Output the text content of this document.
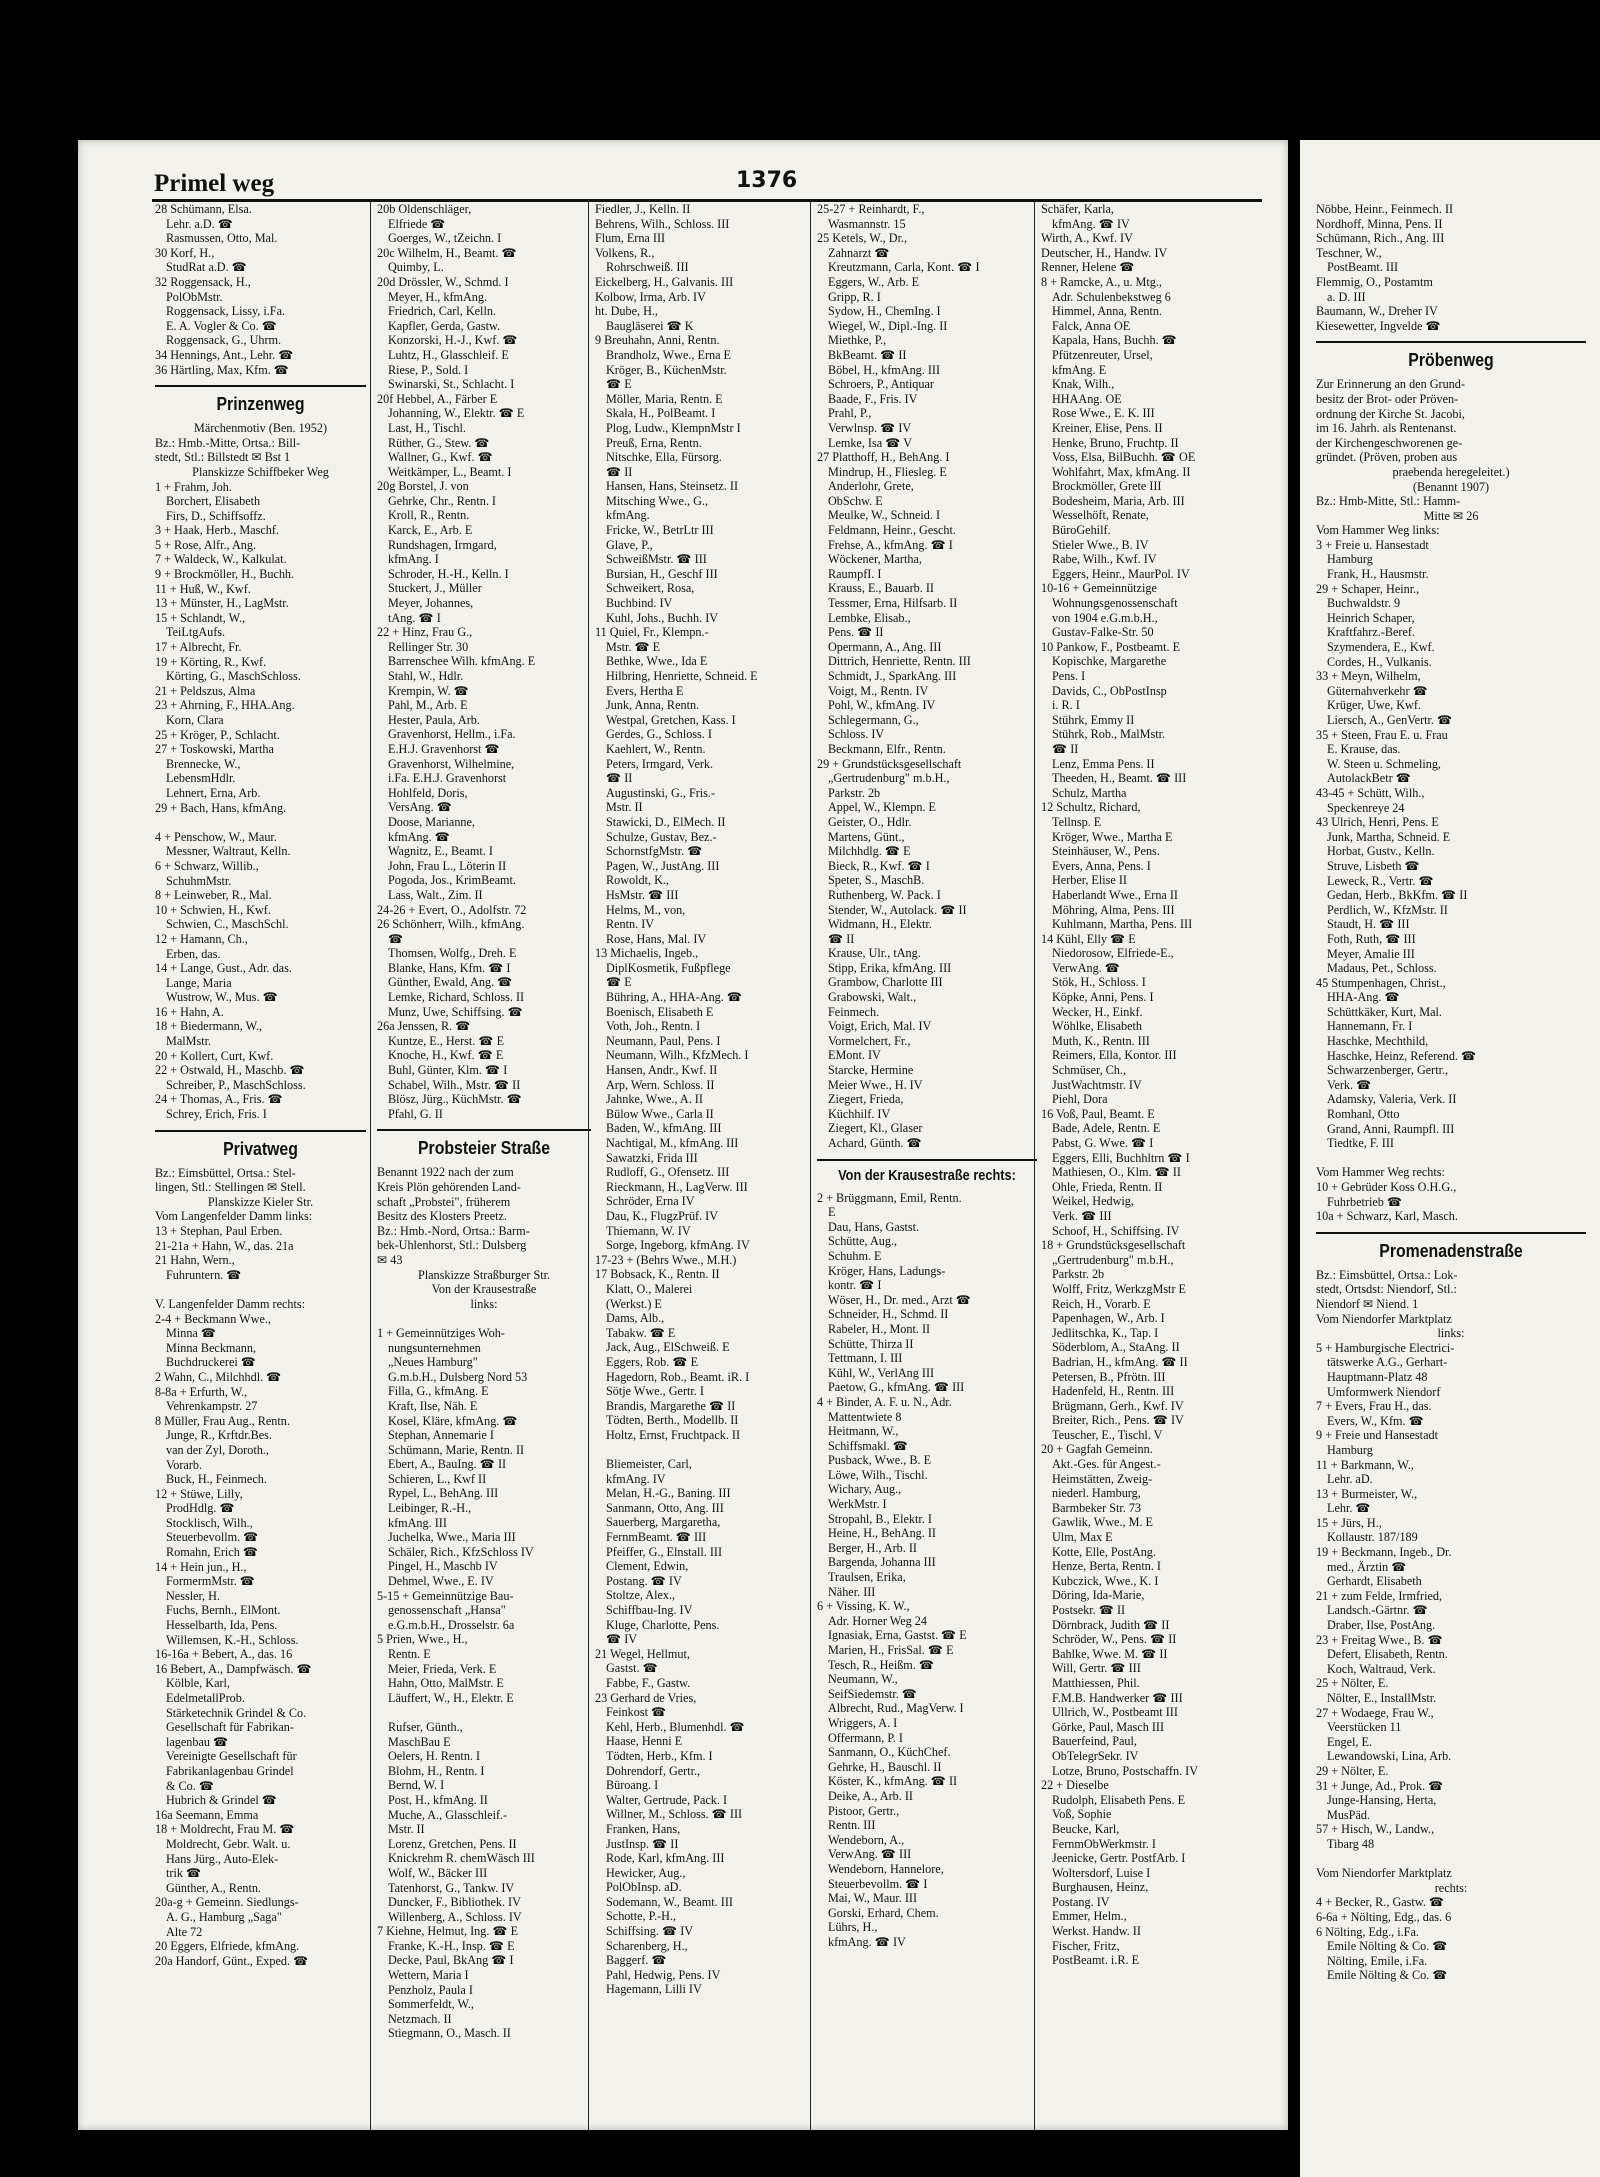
Nöbbe, Heinr., Feinmech. II
Nordhoff, Minna, Pens. II
Schümann, Rich., Ang. III
Teschner, W.,
PostBeamt. III
Flemmig, O., Postamtm
a. D. III
Baumann, W., Dreher IV
Kiesewetter, Ingvelde ☎
Pröbenweg
Zur Erinnerung an den Grund-
besitz der Brot- oder Pröven-
ordnung der Kirche St. Jacobi,
im 16. Jahrh. als Rentenanst.
der Kirchengeschworenen ge-
gründet. (Pröven, proben aus
praebenda heregeleitet.)
(Benannt 1907)
Bz.: Hmb-Mitte, Stl.: Hamm-
Mitte ✉ 26
Vom Hammer Weg links:
3 + Freie u. Hansestadt
Hamburg
Frank, H., Hausmstr.
29 + Schaper, Heinr.,
Buchwaldstr. 9
Heinrich Schaper,
Kraftfahrz.-Beref.
Szymendera, E., Kwf.
Cordes, H., Vulkanis.
33 + Meyn, Wilhelm,
Güternahverkehr ☎
Krüger, Uwe, Kwf.
Liersch, A., GenVertr. ☎
35 + Steen, Frau E. u. Frau
E. Krause, das.
W. Steen u. Schmeling,
AutolackBetr ☎
43-45 + Schütt, Wilh.,
Speckenreye 24
43 Ulrich, Henri, Pens. E
Junk, Martha, Schneid. E
Horbat, Gustv., Kelln.
Struve, Lisbeth ☎
Leweck, R., Vertr. ☎
Gedan, Herb., BkKfm. ☎ II
Perdlich, W., KfzMstr. II
Staudt, H. ☎ III
Foth, Ruth, ☎ III
Meyer, Amalie III
Madaus, Pet., Schloss.
45 Stumpenhagen, Christ.,
HHA-Ang. ☎
Schüttkäker, Kurt, Mal.
Hannemann, Fr. I
Haschke, Mechthild,
Haschke, Heinz, Referend. ☎
Schwarzenberger, Gertr.,
Verk. ☎
Adamsky, Valeria, Verk. II
Romhanl, Otto
Grand, Anni, Raumpfl. III
Tiedtke, F. III

Vom Hammer Weg rechts:
10 + Gebrüder Koss O.H.G.,
Fuhrbetrieb ☎
10a + Schwarz, Karl, Masch.
Promenadenstraße
Bz.: Eimsbüttel, Ortsa.: Lok-
stedt, Ortsdst: Niendorf, Stl.:
Niendorf ✉ Niend. 1
Vom Niendorfer Marktplatz
links:
5 + Hamburgische Electrici-
tätswerke A.G., Gerhart-
Hauptmann-Platz 48
Umformwerk Niendorf
7 + Evers, Frau H., das.
Evers, W., Kfm. ☎
9 + Freie und Hansestadt
Hamburg
11 + Barkmann, W.,
Lehr. aD.
13 + Burmeister, W.,
Lehr. ☎
15 + Jürs, H.,
Kollaustr. 187/189
19 + Beckmann, Ingeb., Dr.
med., Ärztin ☎
Gerhardt, Elisabeth
21 + zum Felde, Irmfried,
Landsch.-Gärtnr. ☎
Draber, Ilse, PostAng.
23 + Freitag Wwe., B. ☎
Defert, Elisabeth, Rentn.
Koch, Waltraud, Verk.
25 + Nölter, E.
Nölter, E., InstallMstr.
27 + Wodaege, Frau W.,
Veerstücken 11
Engel, E.
Lewandowski, Lina, Arb.
29 + Nölter, E.
31 + Junge, Ad., Prok. ☎
Junge-Hansing, Herta,
MusPäd.
57 + Hisch, W., Landw.,
Tibarg 48

Vom Niendorfer Marktplatz
rechts:
4 + Becker, R., Gastw. ☎
6-6a + Nölting, Edg., das. 6
6 Nölting, Edg., i.Fa.
Emile Nölting & Co. ☎
Nölting, Emile, i.Fa.
Emile Nölting & Co. ☎
Primel weg	1376
28 Schümann, Elsa.
Lehr. a.D. ☎
Rasmussen, Otto, Mal.
30 Korf, H.,
StudRat a.D. ☎
32 Roggensack, H.,
PolObMstr.
Roggensack, Lissy, i.Fa.
E. A. Vogler & Co. ☎
Roggensack, G., Uhrm.
34 Hennings, Ant., Lehr. ☎
36 Härtling, Max, Kfm. ☎
Prinzenweg
Märchenmotiv (Ben. 1952)
Bz.: Hmb.-Mitte, Ortsa.: Bill-
stedt, Stl.: Billstedt ✉ Bst 1
Planskizze Schiffbeker Weg
1 + Frahm, Joh.
Borchert, Elisabeth
Firs, D., Schiffsoffz.
3 + Haak, Herb., Maschf.
5 + Rose, Alfr., Ang.
7 + Waldeck, W., Kalkulat.
9 + Brockmöller, H., Buchh.
11 + Huß, W., Kwf.
13 + Münster, H., LagMstr.
15 + Schlandt, W.,
TeiLtgAufs.
17 + Albrecht, Fr.
19 + Körting, R., Kwf.
Körting, G., MaschSchloss.
21 + Peldszus, Alma
23 + Ahrning, F., HHA.Ang.
Korn, Clara
25 + Kröger, P., Schlacht.
27 + Toskowski, Martha
Brennecke, W.,
LebensmHdlr.
Lehnert, Erna, Arb.
29 + Bach, Hans, kfmAng.

4 + Penschow, W., Maur.
Messner, Waltraut, Kelln.
6 + Schwarz, Willib.,
SchuhmMstr.
8 + Leinweber, R., Mal.
10 + Schwien, H., Kwf.
Schwien, C., MaschSchl.
12 + Hamann, Ch.,
Erben, das.
14 + Lange, Gust., Adr. das.
Lange, Maria
Wustrow, W., Mus. ☎
16 + Hahn, A.
18 + Biedermann, W.,
MalMstr.
20 + Kollert, Curt, Kwf.
22 + Ostwald, H., Maschb. ☎
Schreiber, P., MaschSchloss.
24 + Thomas, A., Fris. ☎
Schrey, Erich, Fris. I
Privatweg
Bz.: Eimsbüttel, Ortsa.: Stel-
lingen, Stl.: Stellingen ✉ Stell.
Planskizze Kieler Str.
Vom Langenfelder Damm links:
13 + Stephan, Paul Erben.
21-21a + Hahn, W., das. 21a
21 Hahn, Wern.,
Fuhruntern. ☎

V. Langenfelder Damm rechts:
2-4 + Beckmann Wwe.,
Minna ☎
Minna Beckmann,
Buchdruckerei ☎
2 Wahn, C., Milchhdl. ☎
8-8a + Erfurth, W.,
Vehrenkampstr. 27
8 Müller, Frau Aug., Rentn.
Junge, R., Krftdr.Bes.
van der Zyl, Doroth.,
Vorarb.
Buck, H., Feinmech.
12 + Stüwe, Lilly,
ProdHdlg. ☎
Stocklisch, Wilh.,
Steuerbevollm. ☎
Romahn, Erich ☎
14 + Hein jun., H.,
FormermMstr. ☎
Nessler, H.
Fuchs, Bernh., ElMont.
Hesselbarth, Ida, Pens.
Willemsen, K.-H., Schloss.
16-16a + Bebert, A., das. 16
16 Bebert, A., Dampfwäsch. ☎
Kölble, Karl,
EdelmetallProb.
Stärketechnik Grindel & Co.
Gesellschaft für Fabrikan-
lagenbau ☎
Vereinigte Gesellschaft für
Fabrikanlagenbau Grindel
& Co. ☎
Hubrich & Grindel ☎
16a Seemann, Emma
18 + Moldrecht, Frau M. ☎
Moldrecht, Gebr. Walt. u.
Hans Jürg., Auto-Elek-
trik ☎
Günther, A., Rentn.
20a-g + Gemeinn. Siedlungs-
A. G., Hamburg „Saga"
Alte 72
20 Eggers, Elfriede, kfmAng.
20a Handorf, Günt., Exped. ☎
20b Oldenschläger,
Elfriede ☎
Goerges, W., tZeichn. I
20c Wilhelm, H., Beamt. ☎
Quimby, L.
20d Drössler, W., Schmd. I
Meyer, H., kfmAng.
Friedrich, Carl, Kelln.
Kapfler, Gerda, Gastw.
Konzorski, H.-J., Kwf. ☎
Luhtz, H., Glasschleif. E
Riese, P., Sold. I
Swinarski, St., Schlacht. I
20f Hebbel, A., Färber E
Johanning, W., Elektr. ☎ E
Last, H., Tischl.
Rüther, G., Stew. ☎
Wallner, G., Kwf. ☎
Weitkämper, L., Beamt. I
20g Borstel, J. von
Gehrke, Chr., Rentn. I
Kroll, R., Rentn.
Karck, E., Arb. E
Rundshagen, Irmgard,
kfmAng. I
Schroder, H.-H., Kelln. I
Stuckert, J., Müller
Meyer, Johannes,
tAng. ☎ I
22 + Hinz, Frau G.,
Rellinger Str. 30
Barrenschee Wilh. kfmAng. E
Stahl, W., Hdlr.
Krempin, W. ☎
Pahl, M., Arb. E
Hester, Paula, Arb.
Gravenhorst, Hellm., i.Fa.
E.H.J. Gravenhorst ☎
Gravenhorst, Wilhelmine,
i.Fa. E.H.J. Gravenhorst
Hohlfeld, Doris,
VersAng. ☎
Doose, Marianne,
kfmAng. ☎
Wagnitz, E., Beamt. I
John, Frau L., Löterin II
Pogoda, Jos., KrimBeamt.
Lass, Walt., Zim. II
24-26 + Evert, O., Adolfstr. 72
26 Schönherr, Wilh., kfmAng.
☎
Thomsen, Wolfg., Dreh. E
Blanke, Hans, Kfm. ☎ I
Günther, Ewald, Ang. ☎
Lemke, Richard, Schloss. II
Munz, Uwe, Schiffsing. ☎
26a Jenssen, R. ☎
Kuntze, E., Herst. ☎ E
Knoche, H., Kwf. ☎ E
Buhl, Günter, Klm. ☎ I
Schabel, Wilh., Mstr. ☎ II
Blösz, Jürg., KüchMstr. ☎
Pfahl, G. II
Probsteier Straße
Benannt 1922 nach der zum
Kreis Plön gehörenden Land-
schaft „Probstei", früherem
Besitz des Klosters Preetz.
Bz.: Hmb.-Nord, Ortsa.: Barm-
bek-Uhlenhorst, Stl.: Dulsberg
✉ 43
Planskizze Straßburger Str.
Von der Krausestraße
links:

1 + Gemeinnütziges Woh-
nungsunternehmen
„Neues Hamburg"
G.m.b.H., Dulsberg Nord 53
Filla, G., kfmAng. E
Kraft, Ilse, Näh. E
Kosel, Kläre, kfmAng. ☎
Stephan, Annemarie I
Schümann, Marie, Rentn. II
Ebert, A., BauIng. ☎ II
Schieren, L., Kwf II
Rypel, L., BehAng. III
Leibinger, R.-H.,
kfmAng. III
Juchelka, Wwe., Maria III
Schäler, Rich., KfzSchloss IV
Pingel, H., Maschb IV
Dehmel, Wwe., E. IV
5-15 + Gemeinnützige Bau-
genossenschaft „Hansa"
e.G.m.b.H., Drosselstr. 6a
5 Prien, Wwe., H.,
Rentn. E
Meier, Frieda, Verk. E
Hahn, Otto, MalMstr. E
Läuffert, W., H., Elektr. E

Rufser, Günth.,
MaschBau E
Oelers, H. Rentn. I
Blohm, H., Rentn. I
Bernd, W. I
Post, H., kfmAng. II
Muche, A., Glasschleif.-
Mstr. II
Lorenz, Gretchen, Pens. II
Knickrehm R. chemWäsch III
Wolf, W., Bäcker III
Tatenhorst, G., Tankw. IV
Duncker, F., Bibliothek. IV
Willenberg, A., Schloss. IV
7 Kiehne, Helmut, Ing. ☎ E
Franke, K.-H., Insp. ☎ E
Decke, Paul, BkAng ☎ I
Wettern, Maria I
Penzholz, Paula I
Sommerfeldt, W.,
Netzmach. II
Stiegmann, O., Masch. II
Fiedler, J., Kelln. II
Behrens, Wilh., Schloss. III
Flum, Erna III
Volkens, R.,
Rohrschweiß. III
Eickelberg, H., Galvanis. III
Kolbow, Irma, Arb. IV
ht. Dube, H.,
Baugläserei ☎ K
9 Breuhahn, Anni, Rentn.
Brandholz, Wwe., Erna E
Kröger, B., KüchenMstr.
☎ E
Möller, Maria, Rentn. E
Skala, H., PolBeamt. I
Plog, Ludw., KlempnMstr I
Preuß, Erna, Rentn.
Nitschke, Ella, Fürsorg.
☎ II
Hansen, Hans, Steinsetz. II
Mitsching Wwe., G.,
kfmAng.
Fricke, W., BetrLtr III
Glave, P.,
SchweißMstr. ☎ III
Bursian, H., Geschf III
Schweikert, Rosa,
Buchbind. IV
Kuhl, Johs., Buchh. IV
11 Quiel, Fr., Klempn.-
Mstr. ☎ E
Bethke, Wwe., Ida E
Hilbring, Henriette, Schneid. E
Evers, Hertha E
Junk, Anna, Rentn.
Westpal, Gretchen, Kass. I
Gerdes, G., Schloss. I
Kaehlert, W., Rentn.
Peters, Irmgard, Verk.
☎ II
Augustinski, G., Fris.-
Mstr. II
Stawicki, D., ElMech. II
Schulze, Gustav, Bez.-
SchornstfgMstr. ☎
Pagen, W., JustAng. III
Rowoldt, K.,
HsMstr. ☎ III
Helms, M., von,
Rentn. IV
Rose, Hans, Mal. IV
13 Michaelis, Ingeb.,
DiplKosmetik, Fußpflege
☎ E
Bühring, A., HHA-Ang. ☎
Boenisch, Elisabeth E
Voth, Joh., Rentn. I
Neumann, Paul, Pens. I
Neumann, Wilh., KfzMech. I
Hansen, Andr., Kwf. II
Arp, Wern. Schloss. II
Jahnke, Wwe., A. II
Bülow Wwe., Carla II
Baden, W., kfmAng. III
Nachtigal, M., kfmAng. III
Sawatzki, Frida III
Rudloff, G., Ofensetz. III
Rieckmann, H., LagVerw. III
Schröder, Erna IV
Dau, K., FlugzPrüf. IV
Thiemann, W. IV
Sorge, Ingeborg, kfmAng. IV
17-23 + (Behrs Wwe., M.H.)
17 Bobsack, K., Rentn. II
Klatt, O., Malerei
(Werkst.) E
Dams, Alb.,
Tabakw. ☎ E
Jack, Aug., ElSchweiß. E
Eggers, Rob. ☎ E
Hagedorn, Rob., Beamt. iR. I
Sötje Wwe., Gertr. I
Brandis, Margarethe ☎ II
Tödten, Berth., Modellb. II
Holtz, Ernst, Fruchtpack. II

Bliemeister, Carl,
kfmAng. IV
Melan, H.-G., Baning. III
Sanmann, Otto, Ang. III
Sauerberg, Margaretha,
FernmBeamt. ☎ III
Pfeiffer, G., Elnstall. III
Clement, Edwin,
Postang. ☎ IV
Stoltze, Alex.,
Schiffbau-Ing. IV
Kluge, Charlotte, Pens.
☎ IV
21 Wegel, Hellmut,
Gastst. ☎
Fabbe, F., Gastw.
23 Gerhard de Vries,
Feinkost ☎
Kehl, Herb., Blumenhdl. ☎
Haase, Henni E
Tödten, Herb., Kfm. I
Dohrendorf, Gertr.,
Büroang. I
Walter, Gertrude, Pack. I
Willner, M., Schloss. ☎ III
Franken, Hans,
JustInsp. ☎ II
Rode, Karl, kfmAng. III
Hewicker, Aug.,
PolObInsp. aD.
Sodemann, W., Beamt. III
Schotte, P.-H.,
Schiffsing. ☎ IV
Scharenberg, H.,
Baggerf. ☎
Pahl, Hedwig, Pens. IV
Hagemann, Lilli IV
25-27 + Reinhardt, F.,
Wasmannstr. 15
25 Ketels, W., Dr.,
Zahnarzt ☎
Kreutzmann, Carla, Kont. ☎ I
Eggers, W., Arb. E
Gripp, R. I
Sydow, H., ChemIng. I
Wiegel, W., Dipl.-Ing. II
Miethke, P.,
BkBeamt. ☎ II
Böbel, H., kfmAng. III
Schroers, P., Antiquar
Baade, F., Fris. IV
Prahl, P.,
Verwlnsp. ☎ IV
Lemke, Isa ☎ V
27 Platthoff, H., BehAng. I
Mindrup, H., Fliesleg. E
Anderlohr, Grete,
ObSchw. E
Meulke, W., Schneid. I
Feldmann, Heinr., Gescht.
Frehse, A., kfmAng. ☎ I
Wöckener, Martha,
RaumpfI. I
Krauss, E., Bauarb. II
Tessmer, Erna, Hilfsarb. II
Lembke, Elisab.,
Pens. ☎ II
Opermann, A., Ang. III
Dittrich, Henriette, Rentn. III
Schmidt, J., SparkAng. III
Voigt, M., Rentn. IV
Pohl, W., kfmAng. IV
Schlegermann, G.,
Schloss. IV
Beckmann, Elfr., Rentn.
29 + Grundstücksgesellschaft
„Gertrudenburg" m.b.H.,
Parkstr. 2b
Appel, W., Klempn. E
Geister, O., Hdlr.
Martens, Günt.,
Milchhdlg. ☎ E
Bieck, R., Kwf. ☎ I
Speter, S., MaschB.
Ruthenberg, W. Pack. I
Stender, W., Autolack. ☎ II
Widmann, H., Elektr.
☎ II
Krause, Ulr., tAng.
Stipp, Erika, kfmAng. III
Grambow, Charlotte III
Grabowski, Walt.,
Feinmech.
Voigt, Erich, Mal. IV
Vormelchert, Fr.,
EMont. IV
Starcke, Hermine
Meier Wwe., H. IV
Ziegert, Frieda,
Küchhilf. IV
Ziegert, Kl., Glaser
Achard, Günth. ☎
Von der Krausestraße rechts:
2 + Brüggmann, Emil, Rentn.
E
Dau, Hans, Gastst.
Schütte, Aug.,
Schuhm. E
Kröger, Hans, Ladungs-
kontr. ☎ I
Wöser, H., Dr. med., Arzt ☎
Schneider, H., Schmd. II
Rabeler, H., Mont. II
Schütte, Thirza II
Tettmann, I. III
Kühl, W., VerlAng III
Paetow, G., kfmAng. ☎ III
4 + Binder, A. F. u. N., Adr.
Mattentwiete 8
Heitmann, W.,
Schiffsmakl. ☎
Pusback, Wwe., B. E
Löwe, Wilh., Tischl.
Wichary, Aug.,
WerkMstr. I
Stropahl, B., Elektr. I
Heine, H., BehAng. II
Berger, H., Arb. II
Bargenda, Johanna III
Traulsen, Erika,
Näher. III
6 + Vissing, K. W.,
Adr. Horner Weg 24
Ignasiak, Erna, Gastst. ☎ E
Marien, H., FrisSal. ☎ E
Tesch, R., Heißm. ☎
Neumann, W.,
SeifSiedemstr. ☎
Albrecht, Rud., MagVerw. I
Wriggers, A. I
Offermann, P. I
Sanmann, O., KüchChef.
Gehrke, H., Bauschl. II
Köster, K., kfmAng. ☎ II
Deike, A., Arb. II
Pistoor, Gertr.,
Rentn. III
Wendeborn, A.,
VerwAng. ☎ III
Wendeborn, Hannelore,
Steuerbevollm. ☎ I
Mai, W., Maur. III
Gorski, Erhard, Chem.
Lührs, H.,
kfmAng. ☎ IV
Schäfer, Karla,
kfmAng. ☎ IV
Wirth, A., Kwf. IV
Deutscher, H., Handw. IV
Renner, Helene ☎
8 + Ramcke, A., u. Mtg.,
Adr. Schulenbekstweg 6
Himmel, Anna, Rentn.
Falck, Anna OE
Kapala, Hans, Buchh. ☎
Pfützenreuter, Ursel,
kfmAng. E
Knak, Wilh.,
HHAAng. OE
Rose Wwe., E. K. III
Kreiner, Elise, Pens. II
Henke, Bruno, Fruchtp. II
Voss, Elsa, BilBuchh. ☎ OE
Wohlfahrt, Max, kfmAng. II
Brockmöller, Grete III
Bodesheim, Maria, Arb. III
Wesselhöft, Renate,
BüroGehilf.
Stieler Wwe., B. IV
Rabe, Wilh., Kwf. IV
Eggers, Heinr., MaurPol. IV
10-16 + Gemeinnützige
Wohnungsgenossenschaft
von 1904 e.G.m.b.H.,
Gustav-Falke-Str. 50
10 Pankow, F., Postbeamt. E
Kopischke, Margarethe
Pens. I
Davids, C., ObPostInsp
i. R. I
Stührk, Emmy II
Stührk, Rob., MalMstr.
☎ II
Lenz, Emma Pens. II
Theeden, H., Beamt. ☎ III
Schulz, Martha
12 Schultz, Richard,
Tellnsp. E
Kröger, Wwe., Martha E
Steinhäuser, W., Pens.
Evers, Anna, Pens. I
Herber, Elise II
Haberlandt Wwe., Erna II
Möhring, Alma, Pens. III
Kuhlmann, Martha, Pens. III
14 Kühl, Elly ☎ E
Niedorosow, Elfriede-E.,
VerwAng. ☎
Stök, H., Schloss. I
Köpke, Anni, Pens. I
Wecker, H., Einkf.
Wöhlke, Elisabeth
Muth, K., Rentn. III
Reimers, Ella, Kontor. III
Schmüser, Ch.,
JustWachtmstr. IV
Piehl, Dora
16 Voß, Paul, Beamt. E
Bade, Adele, Rentn. E
Pabst, G. Wwe. ☎ I
Eggers, Elli, Buchhltrn ☎ I
Mathiesen, O., Klm. ☎ II
Ohle, Frieda, Rentn. II
Weikel, Hedwig,
Verk. ☎ III
Schoof, H., Schiffsing. IV
18 + Grundstücksgesellschaft
„Gertrudenburg" m.b.H.,
Parkstr. 2b
Wolff, Fritz, WerkzgMstr E
Reich, H., Vorarb. E
Papenhagen, W., Arb. I
Jedlitschka, K., Tap. I
Söderblom, A., StaAng. II
Badrian, H., kfmAng. ☎ II
Petersen, B., Pfrötn. III
Hadenfeld, H., Rentn. III
Brügmann, Gerh., Kwf. IV
Breiter, Rich., Pens. ☎ IV
Teuscher, E., Tischl. V
20 + Gagfah Gemeinn.
Akt.-Ges. für Angest.-
Heimstätten, Zweig-
niederl. Hamburg,
Barmbeker Str. 73
Gawlik, Wwe., M. E
Ulm, Max E
Kotte, Elle, PostAng.
Henze, Berta, Rentn. I
Kubczick, Wwe., K. I
Döring, Ida-Marie,
Postsekr. ☎ II
Dörnbrack, Judith ☎ II
Schröder, W., Pens. ☎ II
Bahlke, Wwe. M. ☎ II
Will, Gertr. ☎ III
Matthiessen, Phil.
F.M.B. Handwerker ☎ III
Ullrich, W., Postbeamt III
Görke, Paul, Masch III
Bauerfeind, Paul,
ObTelegrSekr. IV
Lotze, Bruno, Postschaffn. IV
22 + Dieselbe
Rudolph, Elisabeth Pens. E
Voß, Sophie
Beucke, Karl,
FernmObWerkmstr. I
Jeenicke, Gertr. PostfArb. I
Woltersdorf, Luise I
Burghausen, Heinz,
Postang. IV
Emmer, Helm.,
Werkst. Handw. II
Fischer, Fritz,
PostBeamt. i.R. E
